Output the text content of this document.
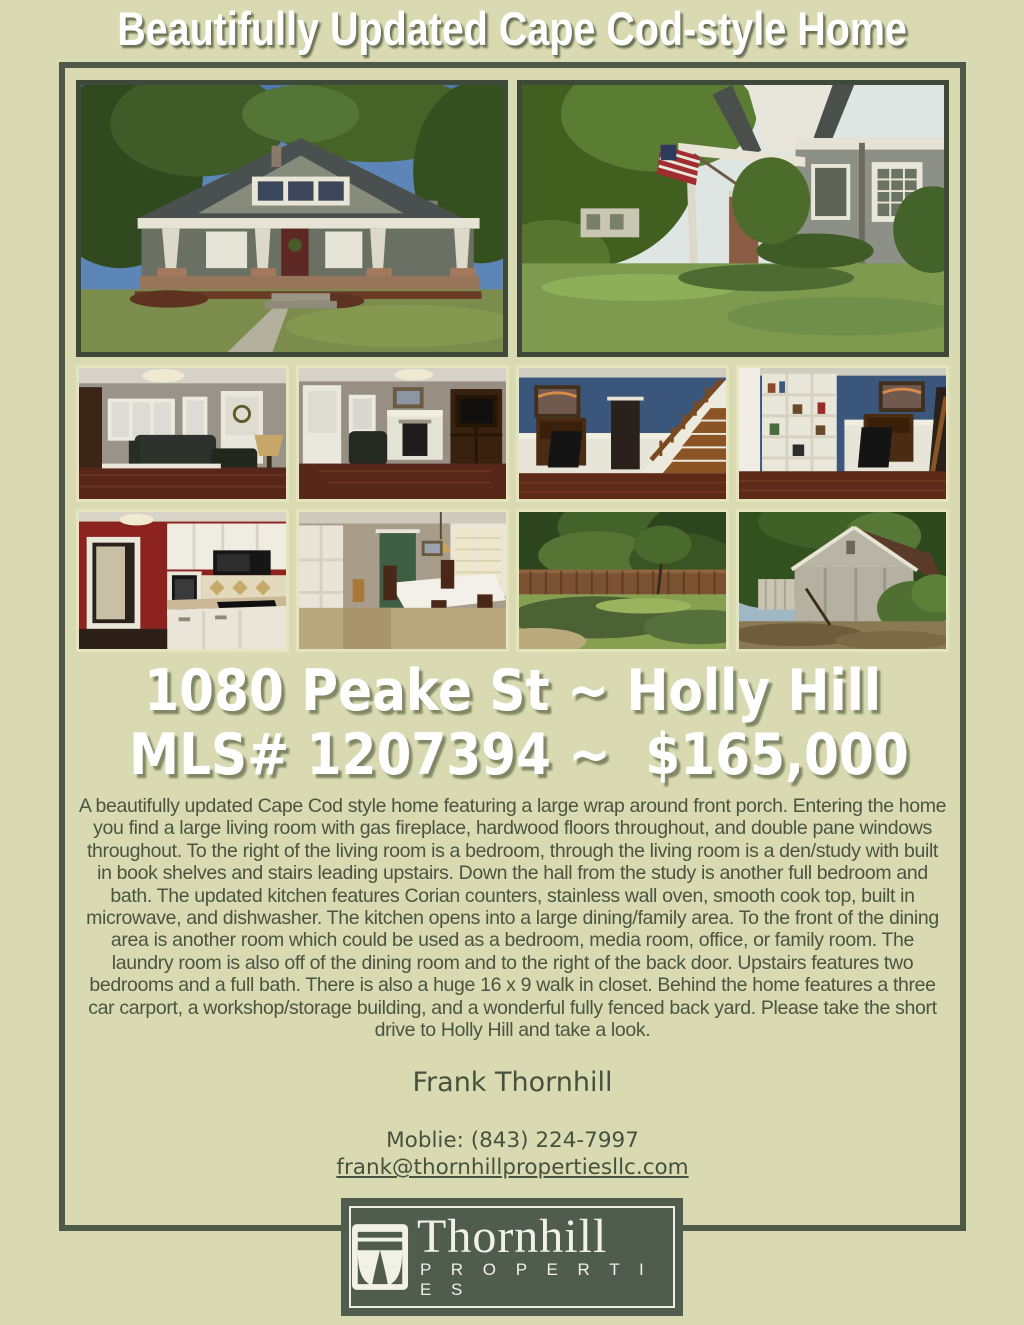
Beautifully Updated Cape Cod-style Home
1080 Peake St ~ Holly Hill
MLS# 1207394 ~  $165,000
A beautifully updated Cape Cod style home featuring a large wrap around front porch. Entering the home you find a large living room with gas fireplace, hardwood floors throughout, and double pane windows throughout. To the right of the living room is a bedroom, through the living room is a den/study with built in book shelves and stairs leading upstairs. Down the hall from the study is another full bedroom and bath. The updated kitchen features Corian counters, stainless wall oven, smooth cook top, built in microwave, and dishwasher. The kitchen opens into a large dining/family area. To the front of the dining area is another room which could be used as a bedroom, media room, office, or family room. The laundry room is also off of the dining room and to the right of the back door. Upstairs features two bedrooms and a full bath. There is also a huge 16 x 9 walk in closet. Behind the home features a three car carport, a workshop/storage building, and a wonderful fully fenced back yard. Please take the short drive to Holly Hill and take a look.
Frank Thornhill
Moblie: (843) 224-7997
frank@thornhillpropertiesllc.com
Thornhill
P R O P E R T I E S
